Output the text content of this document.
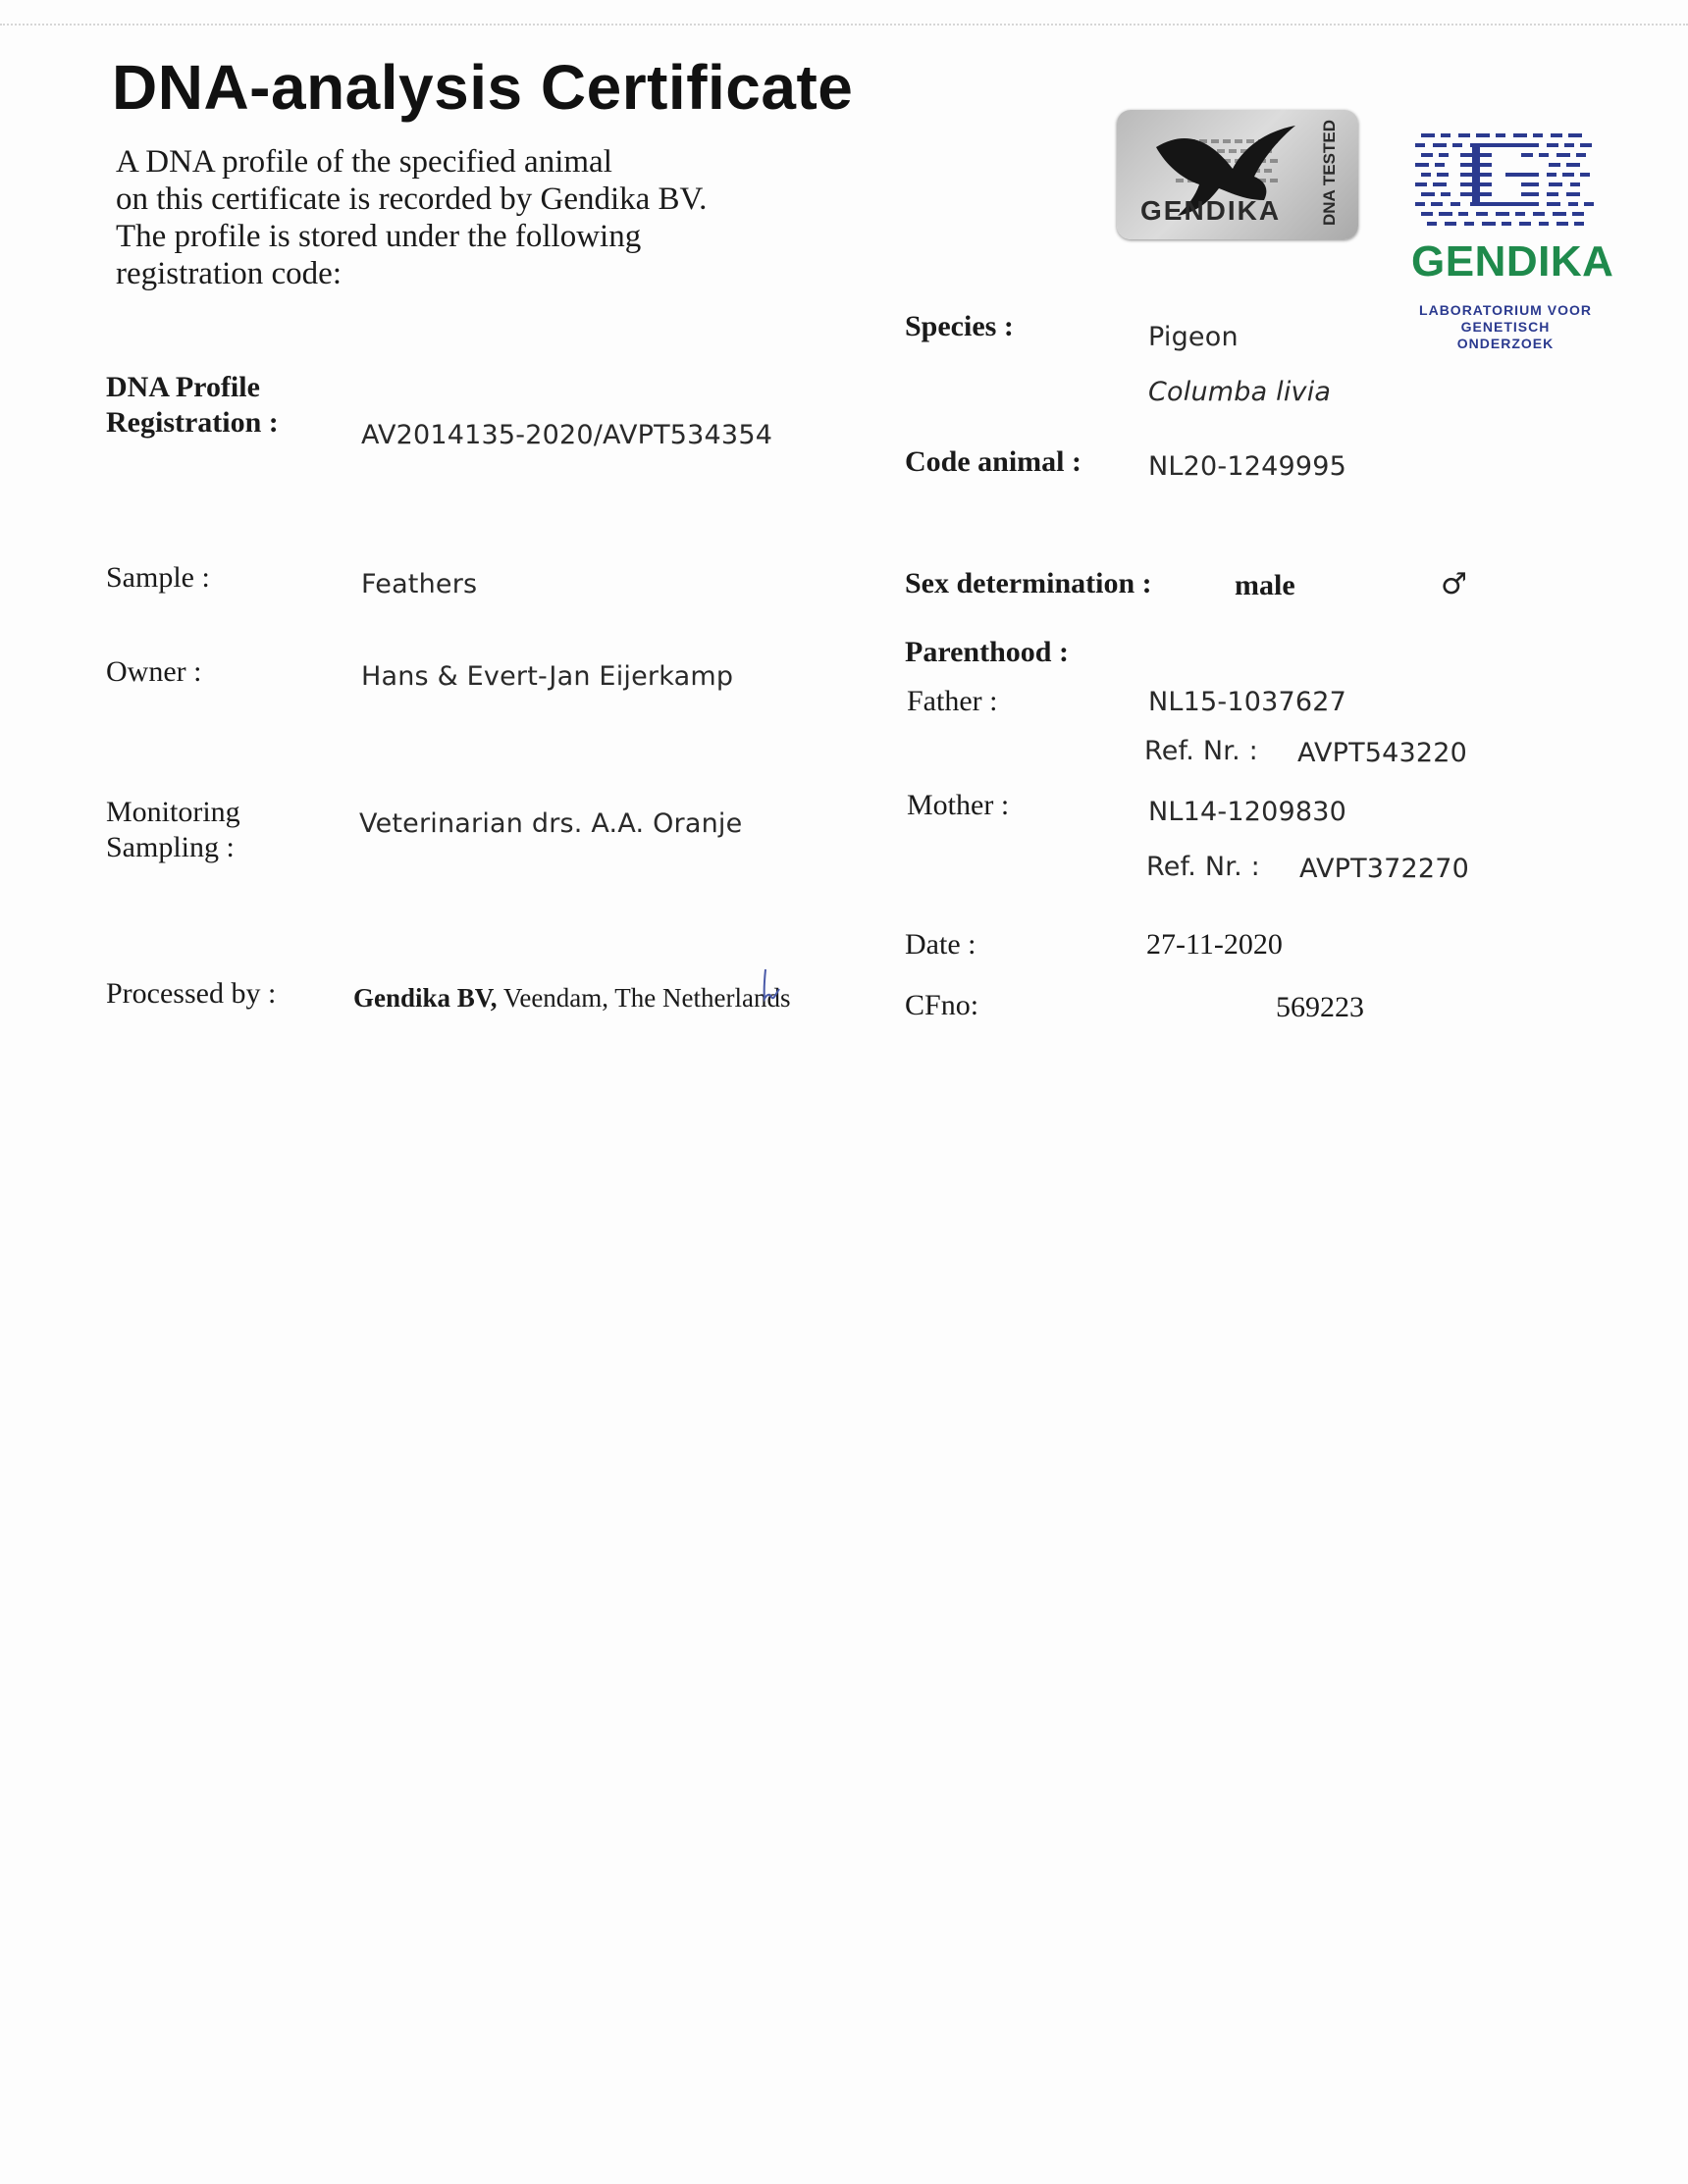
DNA-analysis Certificate
A DNA profile of the specified animal
on this certificate is recorded by Gendika BV.
The profile is stored under the following
registration code:
GENDIKA DNA TESTED
GENDIKA
LABORATORIUM VOOR
GENETISCH ONDERZOEK
DNA Profile
Registration :	AV2014135-2020/AVPT534354
Sample :	Feathers
Owner :	Hans & Evert-Jan Eijerkamp
Monitoring
Sampling :
Veterinarian drs. A.A. Oranje
Processed by :	Gendika BV, Veendam, The Netherlands
Species :	Pigeon
Columba livia
Code animal :	NL20-1249995
Sex determination :	male	♂
Parenthood :
Father :	NL15-1037627
Ref. Nr. : AVPT543220
Mother :	NL14-1209830
Ref. Nr. : AVPT372270
Date :	27-11-2020
CFno:	569223
